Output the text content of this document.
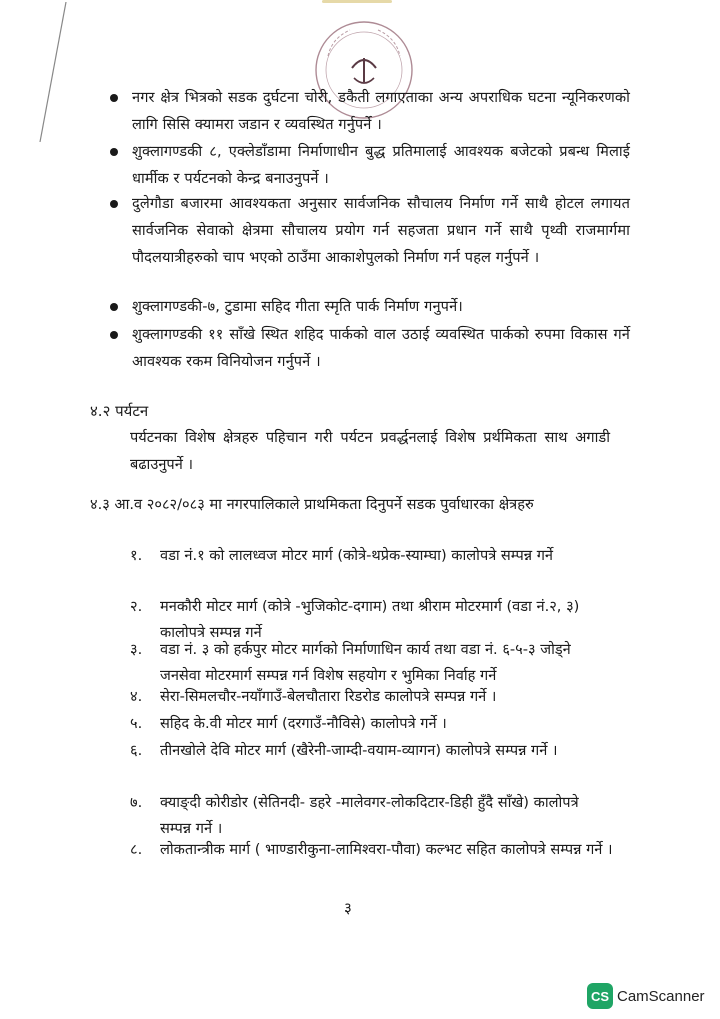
नगर क्षेत्र भित्रको सडक दुर्घटना चोरी, डकैती लगाएताका अन्य अपराधिक घटना न्यूनिकरणको लागि सिसि क्यामरा जडान र व्यवस्थित गर्नुपर्ने ।
शुक्लागण्डकी ८, एक्लेडाँडामा निर्माणाधीन बुद्ध प्रतिमालाई आवश्यक बजेटको प्रबन्ध मिलाई धार्मीक र पर्यटनको केन्द्र बनाउनुपर्ने ।
दुलेगौडा बजारमा आवश्यकता अनुसार सार्वजनिक सौचालय निर्माण गर्ने साथै होटल लगायत सार्वजनिक सेवाको क्षेत्रमा सौचालय प्रयोग गर्न सहजता प्रधान गर्ने साथै पृथ्वी राजमार्गमा पौदलयात्रीहरुको चाप भएको ठाउँमा आकाशेपुलको निर्माण गर्न पहल गर्नुपर्ने ।
शुक्लागण्डकी-७, टुडामा सहिद गीता स्मृति पार्क निर्माण गनुपर्ने।
शुक्लागण्डकी ११ साँखे स्थित शहिद पार्कको वाल उठाई व्यवस्थित पार्कको रुपमा विकास गर्ने आवश्यक रकम विनियोजन गर्नुपर्ने ।
४.२ पर्यटन
पर्यटनका विशेष क्षेत्रहरु पहिचान गरी पर्यटन प्रवर्द्धनलाई विशेष प्रर्थमिकता साथ अगाडी बढाउनुपर्ने ।
४.३ आ.व २०८२/०८३ मा नगरपालिकाले प्राथमिकता दिनुपर्ने सडक पुर्वाधारका क्षेत्रहरु
१. वडा नं.१ को लालध्वज मोटर मार्ग (कोत्रे-थप्रेक-स्याम्घा) कालोपत्रे सम्पन्न गर्ने
२. मनकौरी मोटर मार्ग (कोत्रे -भुजिकोट-दगाम) तथा श्रीराम मोटरमार्ग (वडा नं.२, ३) कालोपत्रे सम्पन्न गर्ने
३. वडा नं. ३ को हर्कपुर मोटर मार्गको निर्माणाधिन कार्य तथा वडा नं. ६-५-३ जोड्ने जनसेवा मोटरमार्ग सम्पन्न गर्न विशेष सहयोग र भुमिका निर्वाह गर्ने
४. सेरा-सिमलचौर-नयाँगाउँ-बेलचौतारा रिडरोड कालोपत्रे सम्पन्न गर्ने ।
५. सहिद के.वी मोटर मार्ग (दरगाउँ-नौविसे) कालोपत्रे गर्ने ।
६. तीनखोले देवि मोटर मार्ग (खैरेनी-जाम्दी-वयाम-व्यागन) कालोपत्रे सम्पन्न गर्ने ।
७. क्याङ्दी कोरीडोर (सेतिनदी- डहरे -मालेवगर-लोकदिटार-डिही हुँदै साँखे) कालोपत्रे सम्पन्न गर्ने ।
८. लोकतान्त्रीक मार्ग ( भाण्डारीकुना-लामिश्वरा-पौवा) कल्भट सहित कालोपत्रे सम्पन्न गर्ने ।
३
CS CamScanner
